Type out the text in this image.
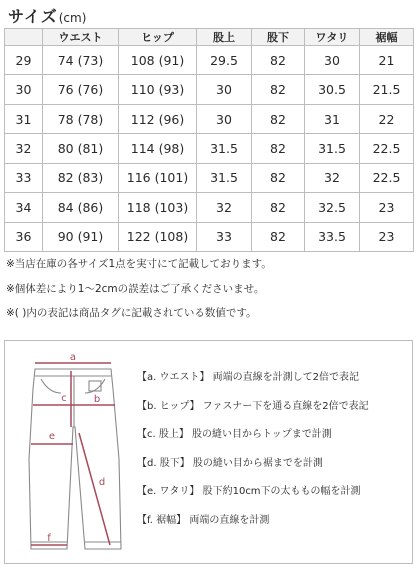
サイズ (cm)
	ウエスト	ヒップ	股上	股下	ワタリ	裾幅
29	74 (73)	108 (91)	29.5	82	30	21
30	76 (76)	110 (93)	30	82	30.5	21.5
31	78 (78)	112 (96)	30	82	31	22
32	80 (81)	114 (98)	31.5	82	31.5	22.5
33	82 (83)	116 (101)	31.5	82	32	22.5
34	84 (86)	118 (103)	32	82	32.5	23
36	90 (91)	122 (108)	33	82	33.5	23
※当店在庫の各サイズ1点を実寸にて記載しております。
※個体差により1〜2cmの誤差はご了承くださいませ。
※( )内の表記は商品タグに記載されている数値です。
a
b
c
e
d
f
【a. ウエスト】 両端の直線を計測して2倍で表記
【b. ヒップ】 ファスナー下を通る直線を2倍で表記
【c. 股上】 股の縫い目からトップまで計測
【d. 股下】 股の縫い目から裾までを計測
【e. ワタリ】 股下約10cm下の太ももの幅を計測
【f. 裾幅】 両端の直線を計測
